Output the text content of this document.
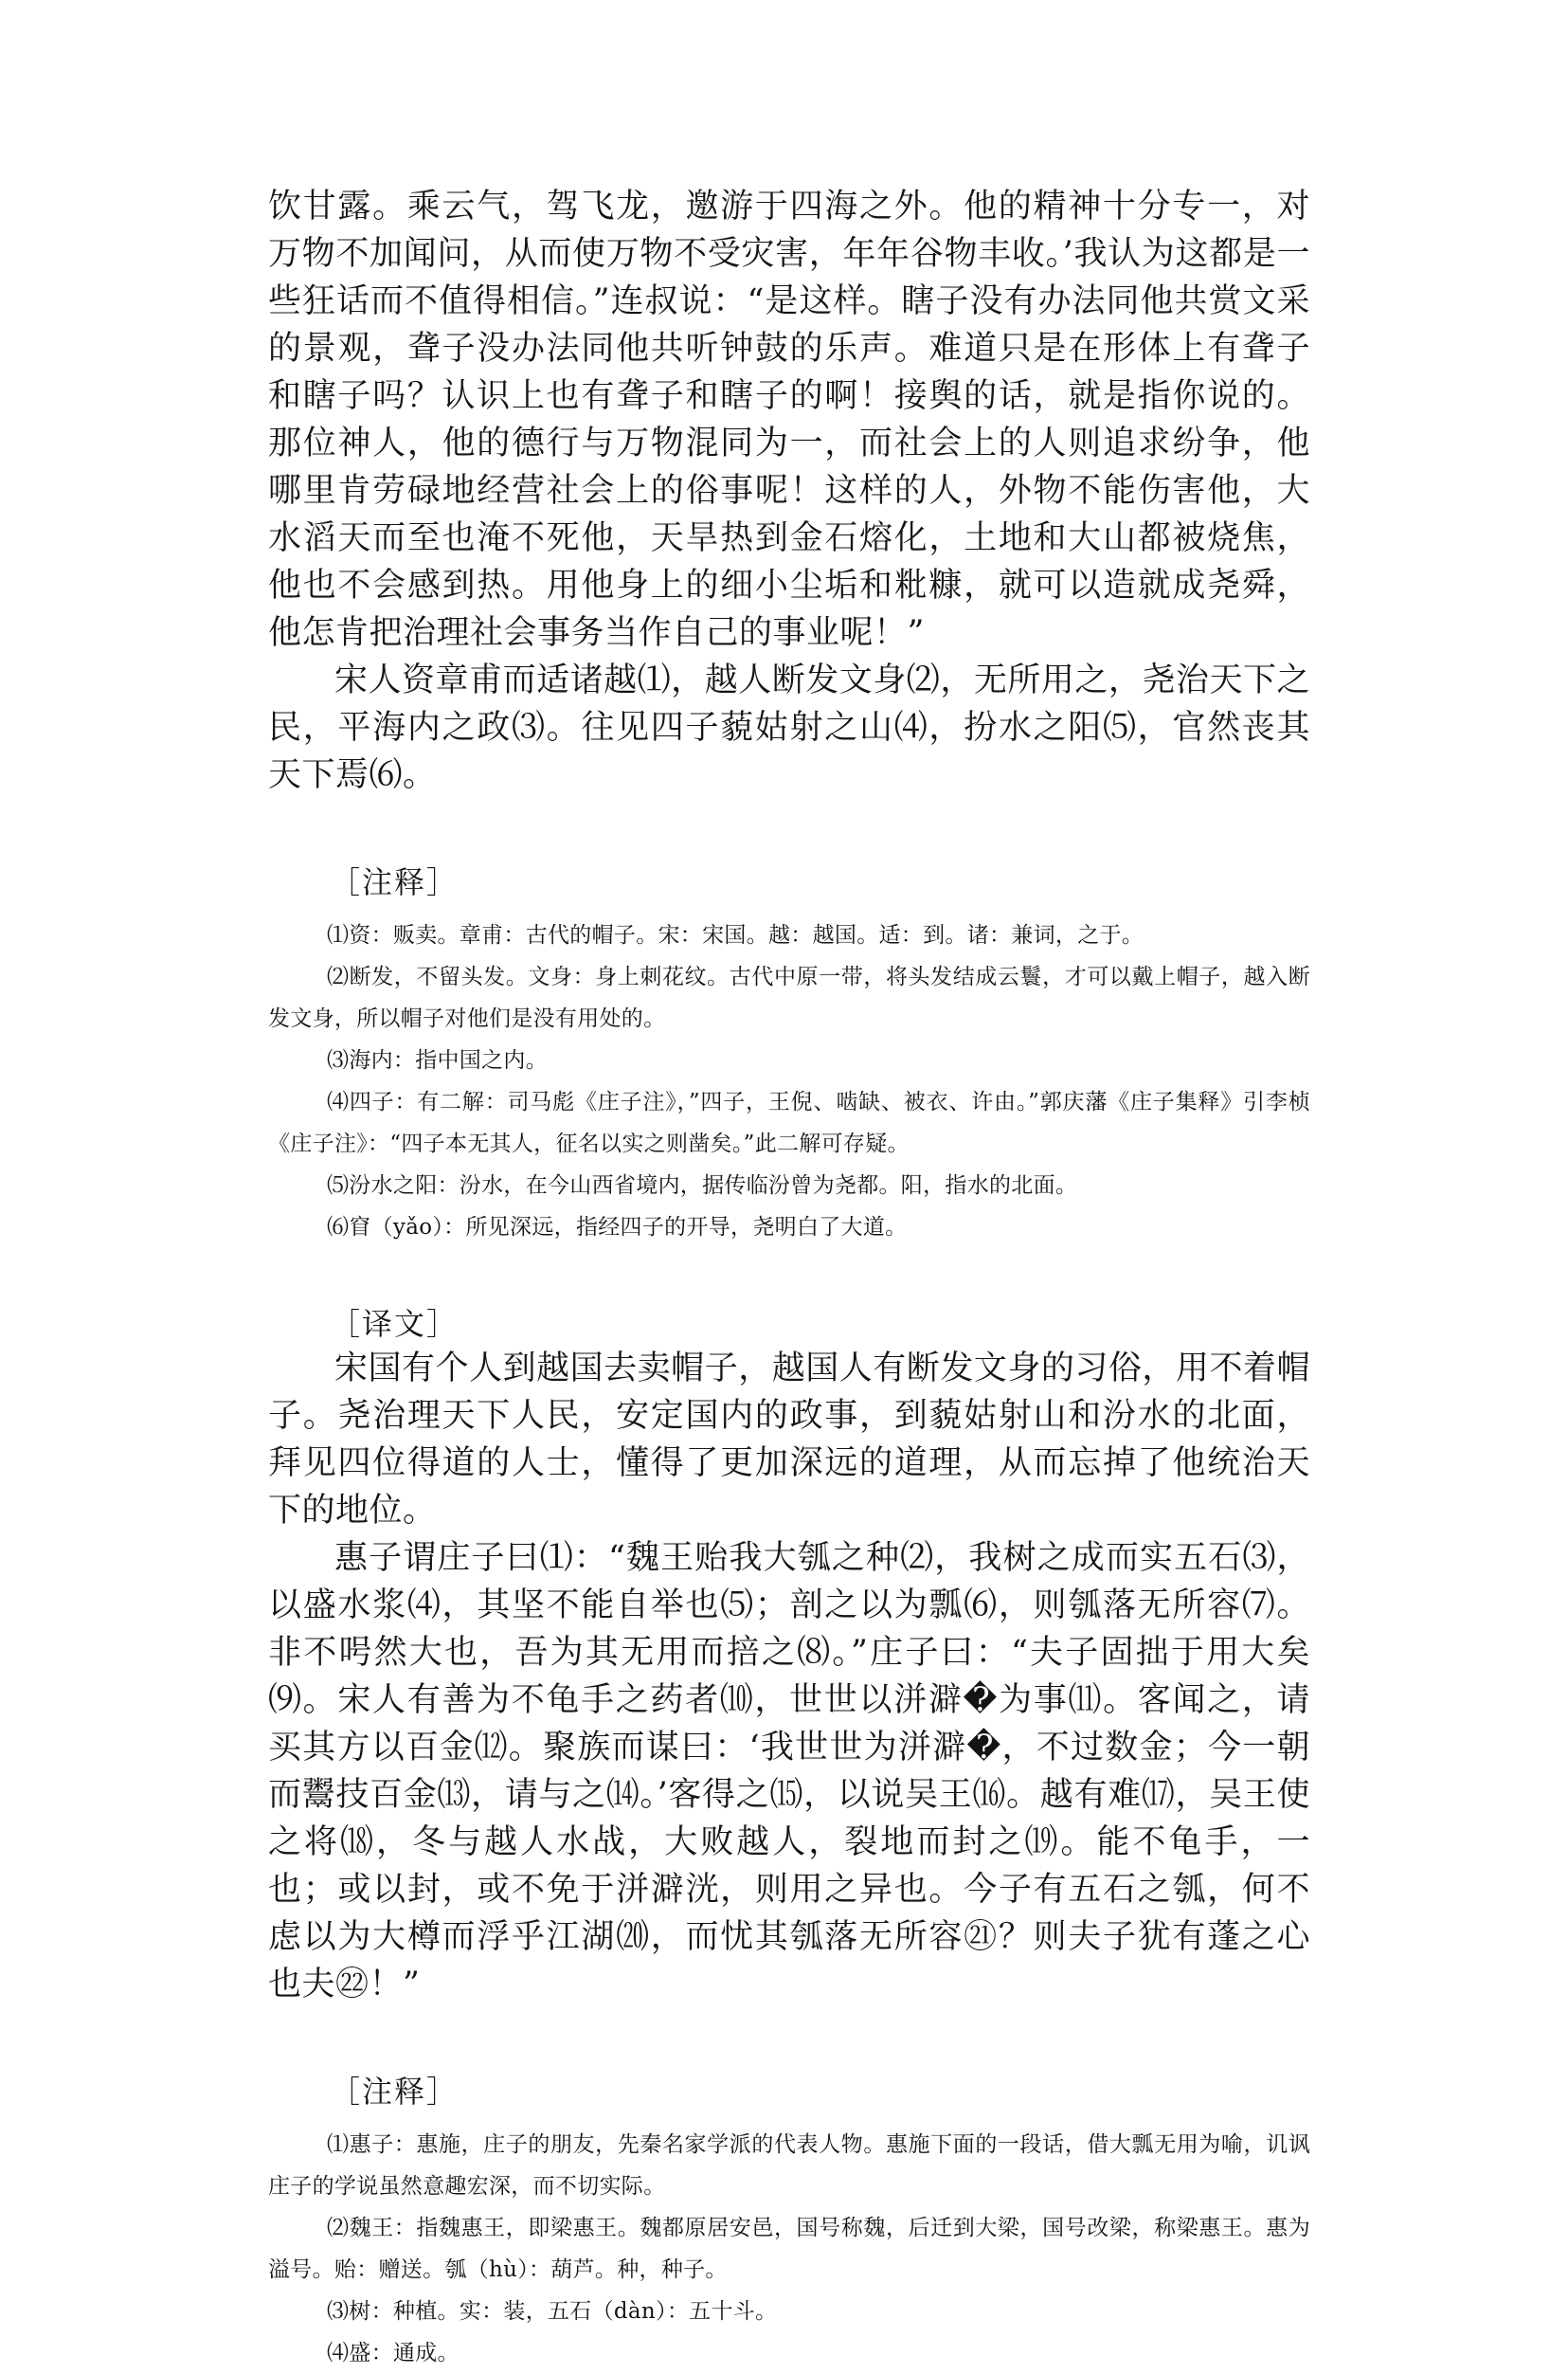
饮甘露。乘云气，驾飞龙，邀游于四海之外。他的精神十分专一，对万物不加闻问，从而使万物不受灾害，年年谷物丰收。’我认为这都是一些狂话而不值得相信。”连叔说：“是这样。瞎子没有办法同他共赏文采的景观，聋子没办法同他共听钟鼓的乐声。难道只是在形体上有聋子和瞎子吗？认识上也有聋子和瞎子的啊！接舆的话，就是指你说的。那位神人，他的德行与万物混同为一，而社会上的人则追求纷争，他哪里肯劳碌地经营社会上的俗事呢！这样的人，外物不能伤害他，大水滔天而至也淹不死他，天旱热到金石熔化，土地和大山都被烧焦，他也不会感到热。用他身上的细小尘垢和粃糠，就可以造就成尧舜，他怎肯把治理社会事务当作自己的事业呢！”

宋人资章甫而适诸越⑴，越人断发文身⑵，无所用之，尧治天下之民，平海内之政⑶。往见四子藐姑射之山⑷，扮水之阳⑸，官然丧其天下焉⑹。

［注释］

⑴资：贩卖。章甫：古代的帽子。宋：宋国。越：越国。适：到。诸：兼词，之于。

⑵断发，不留头发。文身：身上刺花纹。古代中原一带，将头发结成云鬟，才可以戴上帽子，越入断发文身，所以帽子对他们是没有用处的。

⑶海内：指中国之内。

⑷四子：有二解：司马彪《庄子注》，”四子，王倪、啮缺、被衣、许由。”郭庆藩《庄子集释》引李桢《庄子注》：“四子本无其人，征名以实之则凿矣。”此二解可存疑。

⑸汾水之阳：汾水，在今山西省境内，据传临汾曾为尧都。阳，指水的北面。

⑹窅（yǎo）：所见深远，指经四子的开导，尧明白了大道。

［译文］

宋国有个人到越国去卖帽子，越国人有断发文身的习俗，用不着帽子。尧治理天下人民，安定国内的政事，到藐姑射山和汾水的北面，拜见四位得道的人士，懂得了更加深远的道理，从而忘掉了他统治天下的地位。

惠子谓庄子曰⑴：“魏王贻我大瓠之种⑵，我树之成而实五石⑶，以盛水浆⑷，其坚不能自举也⑸；剖之以为瓢⑹，则瓠落无所容⑺。非不呺然大也，吾为其无用而掊之⑻。”庄子曰：“夫子固拙于用大矣⑼。宋人有善为不龟手之药者⑽，世世以洴澼�为事⑾。客闻之，请买其方以百金⑿。聚族而谋曰：‘我世世为洴澼�，不过数金；今一朝而鬻技百金⒀，请与之⒁。’客得之⒂，以说吴王⒃。越有难⒄，吴王使之将⒅，冬与越人水战，大败越人，裂地而封之⒆。能不龟手，一也；或以封，或不免于洴澼洸，则用之异也。今子有五石之瓠，何不虑以为大樽而浮乎江湖⒇，而忧其瓠落无所容㉑？则夫子犹有蓬之心也夫㉒！”

［注释］

⑴惠子：惠施，庄子的朋友，先秦名家学派的代表人物。惠施下面的一段话，借大瓢无用为喻，讥讽庄子的学说虽然意趣宏深，而不切实际。

⑵魏王：指魏惠王，即梁惠王。魏都原居安邑，国号称魏，后迁到大梁，国号改梁，称梁惠王。惠为溢号。贻：赠送。瓠（hù）：葫芦。种，种子。

⑶树：种植。实：装，五石（dàn）：五十斗。

⑷盛：通成。
